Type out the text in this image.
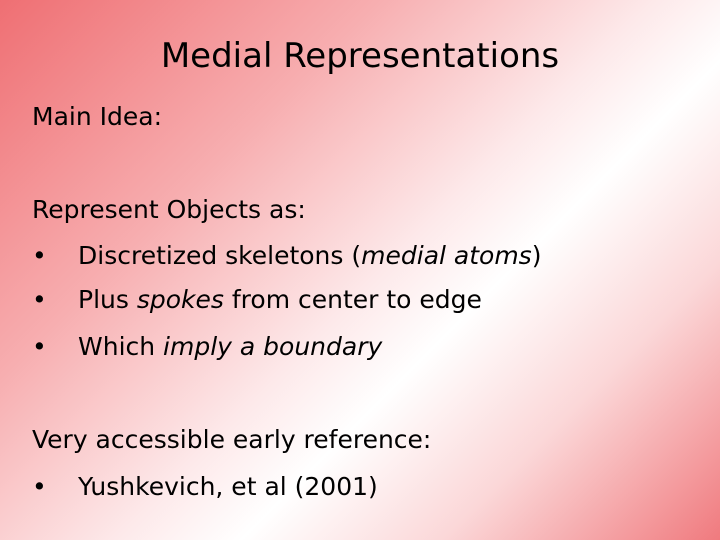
Medial Representations
Main Idea:
Represent Objects as:
• Discretized skeletons (medial atoms)
• Plus spokes from center to edge
• Which imply a boundary
Very accessible early reference:
• Yushkevich, et al (2001)
